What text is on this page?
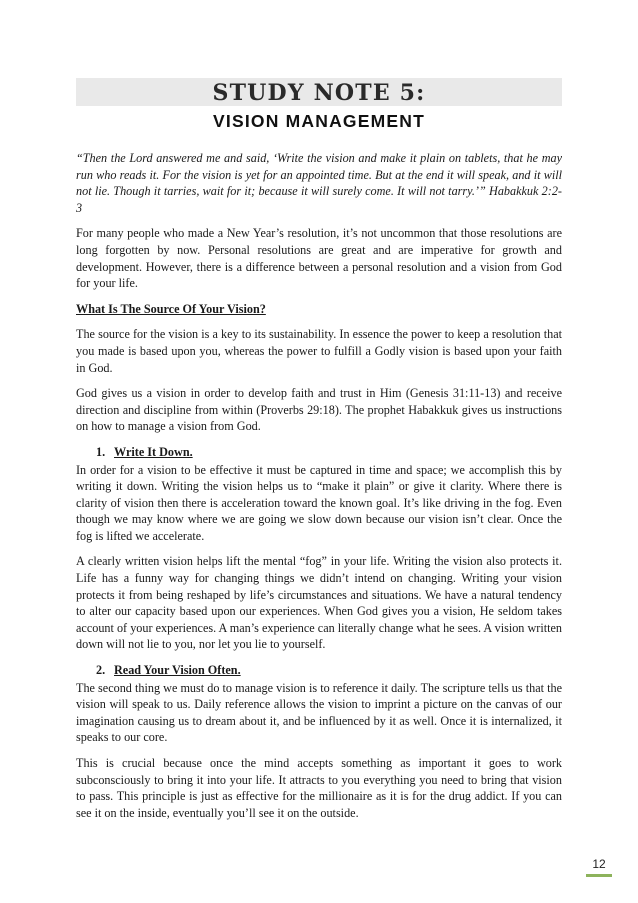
STUDY NOTE 5:
VISION MANAGEMENT

“Then the Lord answered me and said, ‘Write the vision and make it plain on tablets, that he may run who reads it. For the vision is yet for an appointed time. But at the end it will speak, and it will not lie. Though it tarries, wait for it; because it will surely come. It will not tarry.’” Habakkuk 2:2-3

For many people who made a New Year’s resolution, it’s not uncommon that those resolutions are long forgotten by now. Personal resolutions are great and are imperative for growth and development. However, there is a difference between a personal resolution and a vision from God for your life.

What Is The Source Of Your Vision?

The source for the vision is a key to its sustainability. In essence the power to keep a resolution that you made is based upon you, whereas the power to fulfill a Godly vision is based upon your faith in God.

God gives us a vision in order to develop faith and trust in Him (Genesis 31:11-13) and receive direction and discipline from within (Proverbs 29:18). The prophet Habakkuk gives us instructions on how to manage a vision from God.

1. Write It Down.

In order for a vision to be effective it must be captured in time and space; we accomplish this by writing it down. Writing the vision helps us to “make it plain” or give it clarity. Where there is clarity of vision then there is acceleration toward the known goal. It’s like driving in the fog. Even though we may know where we are going we slow down because our vision isn’t clear. Once the fog is lifted we accelerate.

A clearly written vision helps lift the mental “fog” in your life. Writing the vision also protects it. Life has a funny way for changing things we didn’t intend on changing. Writing your vision protects it from being reshaped by life’s circumstances and situations. We have a natural tendency to alter our capacity based upon our experiences. When God gives you a vision, He seldom takes account of your experiences. A man’s experience can literally change what he sees. A vision written down will not lie to you, nor let you lie to yourself.

2. Read Your Vision Often.

The second thing we must do to manage vision is to reference it daily. The scripture tells us that the vision will speak to us. Daily reference allows the vision to imprint a picture on the canvas of our imagination causing us to dream about it, and be influenced by it as well. Once it is internalized, it speaks to our core.

This is crucial because once the mind accepts something as important it goes to work subconsciously to bring it into your life. It attracts to you everything you need to bring that vision to pass. This principle is just as effective for the millionaire as it is for the drug addict. If you can see it on the inside, eventually you’ll see it on the outside.

12
